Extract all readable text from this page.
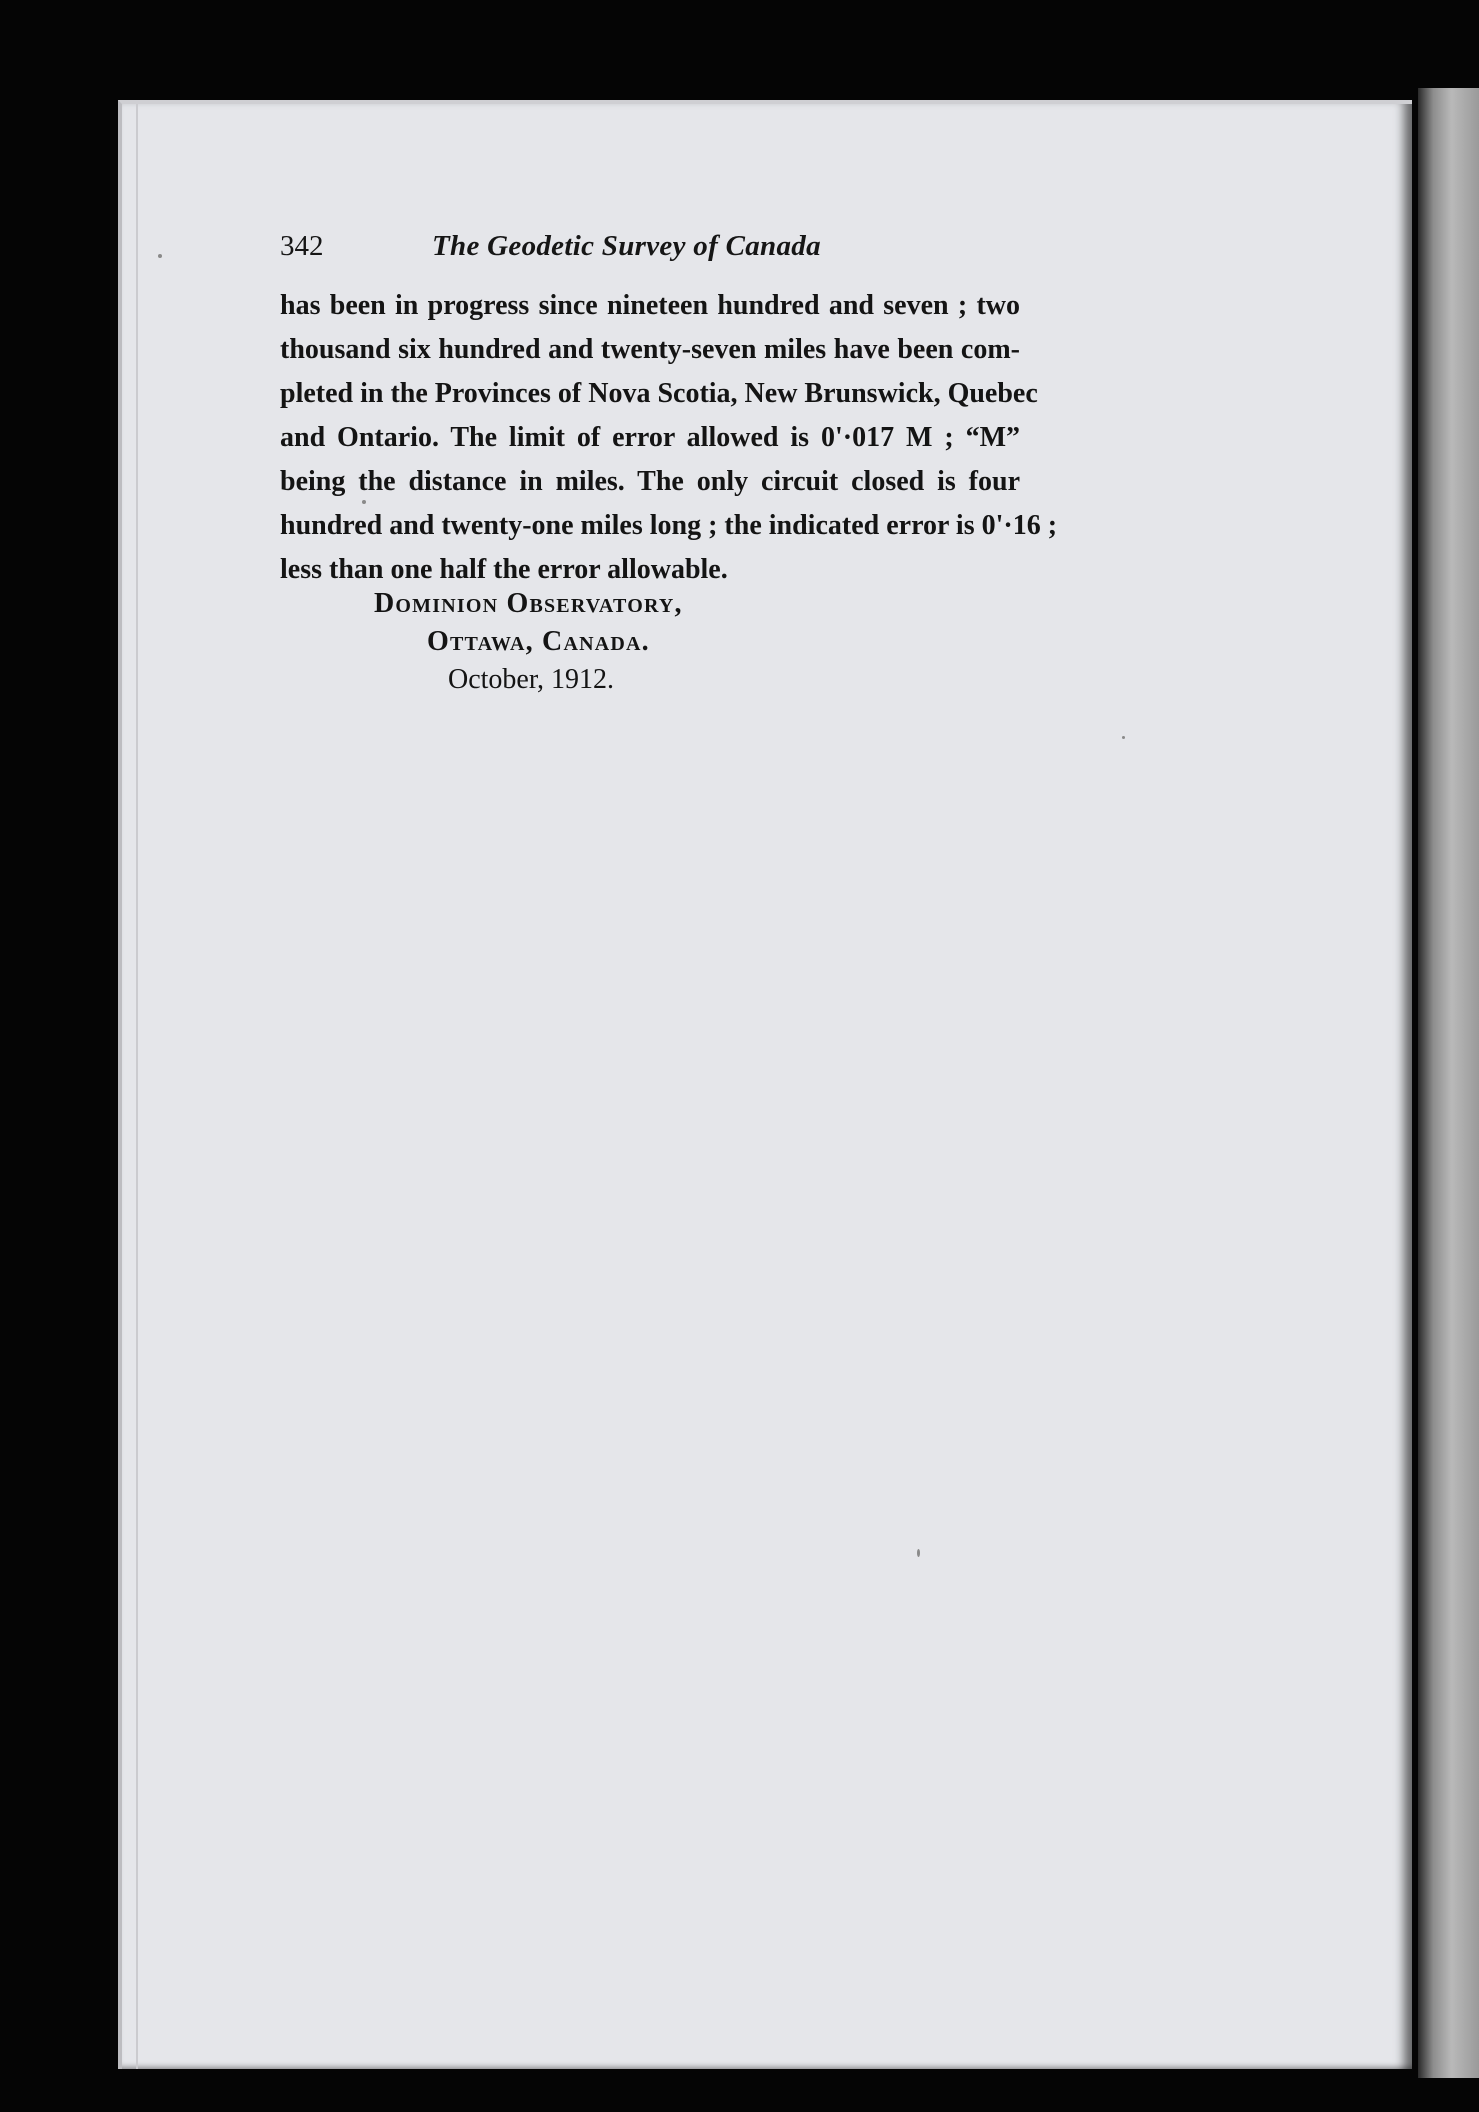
342	The Geodetic Survey of Canada
has been in progress since nineteen hundred and seven ; two
thousand six hundred and twenty-seven miles have been com-
pleted in the Provinces of Nova Scotia, New Brunswick, Quebec
and Ontario. The limit of error allowed is 0'·017 M ; “M”
being the distance in miles. The only circuit closed is four
hundred and twenty-one miles long ; the indicated error is 0'·16 ;
less than one half the error allowable.
Dominion Observatory,
Ottawa, Canada.
October, 1912.
